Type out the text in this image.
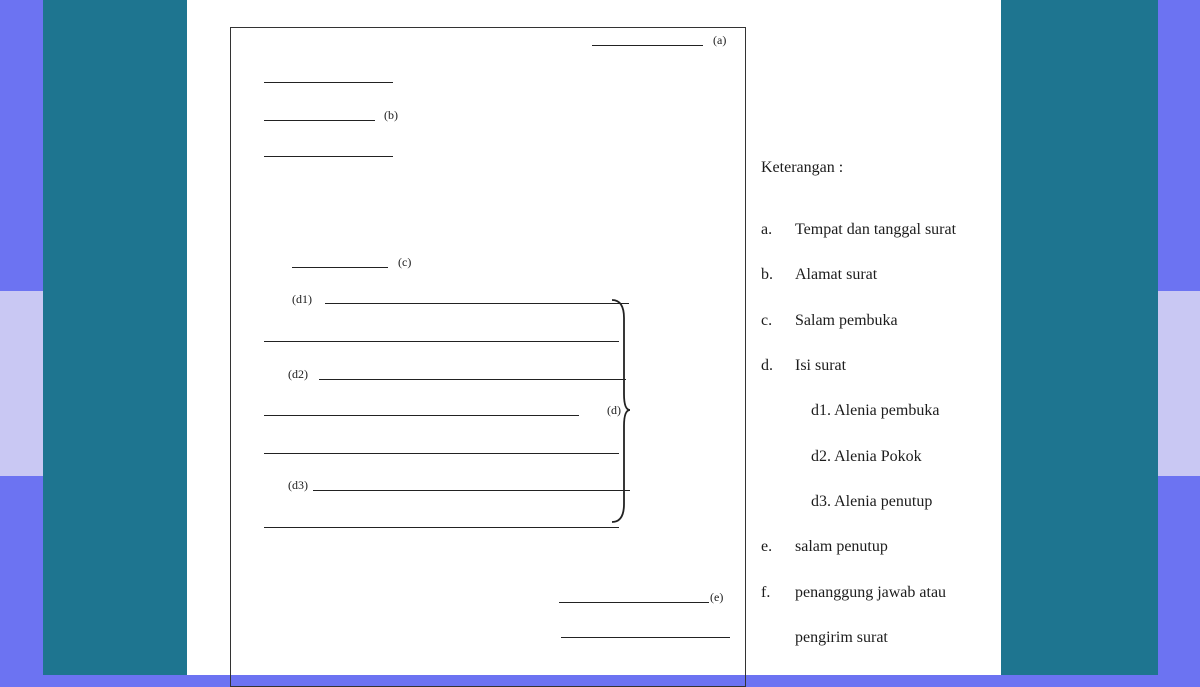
(a)
(b)
(c)
(d1)
(d2)
(d)
(d3)
(e)
Keterangan :
a. Tempat dan tanggal surat
b. Alamat surat
c. Salam pembuka
d. Isi surat
d1. Alenia pembuka
d2. Alenia Pokok
d3. Alenia penutup
e. salam penutup
f. penanggung jawab atau
pengirim surat
